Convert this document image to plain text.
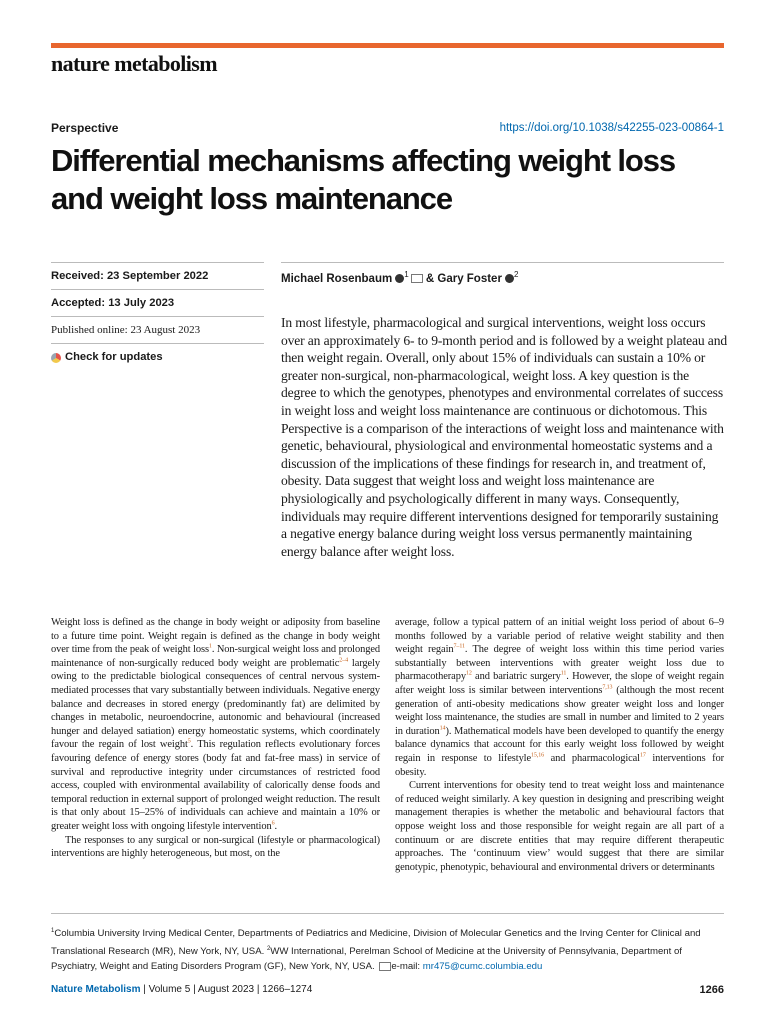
nature metabolism
Perspective	https://doi.org/10.1038/s42255-023-00864-1
Differential mechanisms affecting weight loss and weight loss maintenance
Received: 23 September 2022
Accepted: 13 July 2023
Published online: 23 August 2023
Check for updates
Michael Rosenbaum $^1$ & Gary Foster $^2$

In most lifestyle, pharmacological and surgical interventions, weight loss occurs over an approximately 6- to 9-month period and is followed by a weight plateau and then weight regain. Overall, only about 15% of individuals can sustain a 10% or greater non-surgical, non-pharmacological, weight loss. A key question is the degree to which the genotypes, phenotypes and environmental correlates of success in weight loss and weight loss maintenance are continuous or dichotomous. This Perspective is a comparison of the interactions of weight loss and maintenance with genetic, behavioural, physiological and environmental homeostatic systems and a discussion of the implications of these findings for research in, and treatment of, obesity. Data suggest that weight loss and weight loss maintenance are physiologically and psychologically different in many ways. Consequently, individuals may require different interventions designed for temporarily sustaining a negative energy balance during weight loss versus permanently maintaining energy balance after weight loss.

Weight loss is defined as the change in body weight or adiposity from baseline to a future time point. Weight regain is defined as the change in body weight over time from the peak of weight loss$^1$. Non-surgical weight loss and prolonged maintenance of non-surgically reduced body weight are problematic$^{2-4}$ largely owing to the predictable biological consequences of central nervous system-mediated processes that vary substantially between individuals. Negative energy balance and decreases in stored energy (predominantly fat) are delimited by changes in metabolic, neuroendocrine, autonomic and behavioural (increased hunger and delayed satiation) energy homeostatic systems, which coordinately favour the regain of lost weight$^5$. This regulation reflects evolutionary forces favouring defence of energy stores (body fat and fat-free mass) in service of survival and reproductive integrity under circumstances of restricted food access, coupled with environmental availability of calorically dense foods and temporal reduction in external support of prolonged weight reduction. The result is that only about 15–25% of individuals can achieve and maintain a 10% or greater weight loss with ongoing lifestyle intervention$^6$.

The responses to any surgical or non-surgical (lifestyle or pharmacological) interventions are highly heterogeneous, but most, on the

average, follow a typical pattern of an initial weight loss period of about 6–9 months followed by a variable period of relative weight stability and then weight regain$^{7-11}$. The degree of weight loss within this time period varies substantially between interventions with greater weight loss due to pharmacotherapy$^{12}$ and bariatric surgery$^{11}$. However, the slope of weight regain after weight loss is similar between interventions$^{7,13}$ (although the most recent generation of anti-obesity medications show greater weight loss and longer weight loss maintenance, the studies are small in number and limited to 2 years in duration$^{14}$). Mathematical models have been developed to quantify the energy balance dynamics that account for this early weight loss followed by weight regain in response to lifestyle$^{15,16}$ and pharmacological$^{17}$ interventions for obesity.

Current interventions for obesity tend to treat weight loss and maintenance of reduced weight similarly. A key question in designing and prescribing weight management therapies is whether the metabolic and behavioural factors that oppose weight loss and those responsible for weight regain are all part of a continuum or are discrete entities that may require different therapeutic approaches. The ‘continuum view’ would suggest that there are similar genotypic, phenotypic, behavioural and environmental drivers or determinants

$^1$Columbia University Irving Medical Center, Departments of Pediatrics and Medicine, Division of Molecular Genetics and the Irving Center for Clinical and Translational Research (MR), New York, NY, USA. $^2$WW International, Perelman School of Medicine at the University of Pennsylvania, Department of Psychiatry, Weight and Eating Disorders Program (GF), New York, NY, USA. e-mail: mr475@cumc.columbia.edu
Nature Metabolism | Volume 5 | August 2023 | 1266–1274	1266
